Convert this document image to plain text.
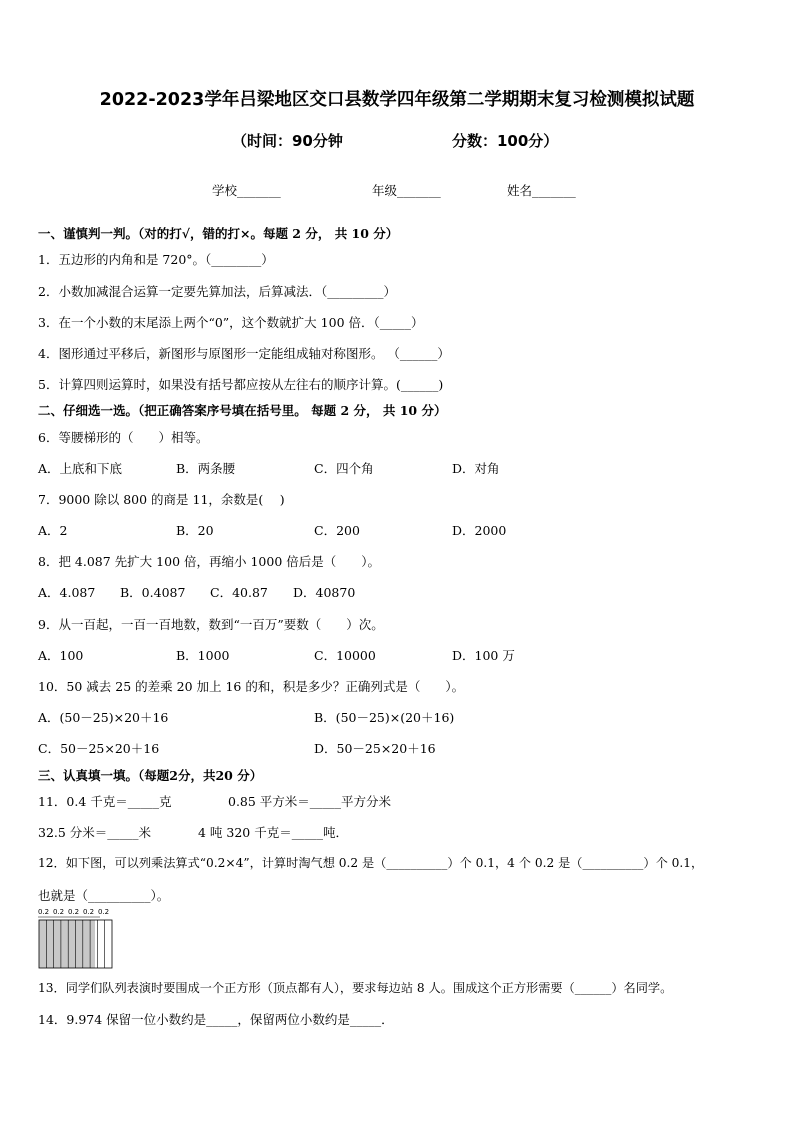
2022-2023学年吕梁地区交口县数学四年级第二学期期末复习检测模拟试题
（时间：90分钟	分数：100分）
学校_______	年级_______	姓名_______
一、谨慎判一判。（对的打√，错的打×。每题 2 分， 共 10 分）
1．五边形的内角和是 720°。（________）
2．小数加减混合运算一定要先算加法，后算减法．（_________）
3．在一个小数的末尾添上两个“0”，这个数就扩大 100 倍．（_____）
4．图形通过平移后，新图形与原图形一定能组成轴对称图形。 （______）
5．计算四则运算时，如果没有括号都应按从左往右的顺序计算。(______)
二、仔细选一选。（把正确答案序号填在括号里。 每题 2 分， 共 10 分）
6．等腰梯形的（　　）相等。
A．上底和下底	B．两条腰	C．四个角	D．对角
7．9000 除以 800 的商是 11，余数是(　 )
A．2	B．20	C．200	D．2000
8．把 4.087 先扩大 100 倍，再缩小 1000 倍后是（　　）。
A．4.087 B．0.4087 C．40.87 D．40870
9．从一百起，一百一百地数，数到“一百万”要数（　　）次。
A．100	B．1000	C．10000	D．100 万
10．50 减去 25 的差乘 20 加上 16 的和，积是多少？正确列式是（　　）。
A．(50－25)×20＋16	B．(50－25)×(20＋16)
C．50－25×20＋16	D．50－25×20＋16
三、认真填一填。（每题2分，共20 分）
11．0.4 千克＝_____克	0.85 平方米＝_____平方分米
32.5 分米＝_____米	4 吨 320 千克＝_____吨．
12．如下图，可以列乘法算式“0.2×4”，计算时淘气想 0.2 是（__________）个 0.1，4 个 0.2 是（__________）个 0.1，
也就是（__________）。
0.2 0.2 0.2 0.2 0.2
13．同学们队列表演时要围成一个正方形（顶点都有人），要求每边站 8 人。围成这个正方形需要（______）名同学。
14．9.974 保留一位小数约是_____，保留两位小数约是_____．
